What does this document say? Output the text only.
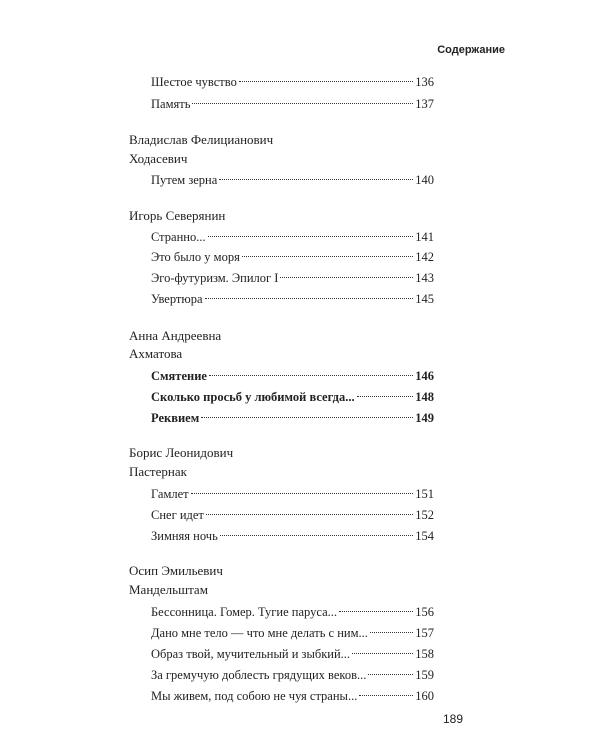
Содержание
Шестое чувство	136
Память	137
Владислав Фелицианович
Ходасевич
Путем зерна	140
Игорь Северянин
Странно...	141
Это было у моря	142
Эго-футуризм. Эпилог I	143
Увертюра	145
Анна Андреевна
Ахматова
Смятение	146
Сколько просьб у любимой всегда...	148
Реквием	149
Борис Леонидович
Пастернак
Гамлет	151
Снег идет	152
Зимняя ночь	154
Осип Эмильевич
Мандельштам
Бессонница. Гомер. Тугие паруса...	156
Дано мне тело — что мне делать с ним...	157
Образ твой, мучительный и зыбкий...	158
За гремучую доблесть грядущих веков...	159
Мы живем, под собою не чуя страны...	160
189
